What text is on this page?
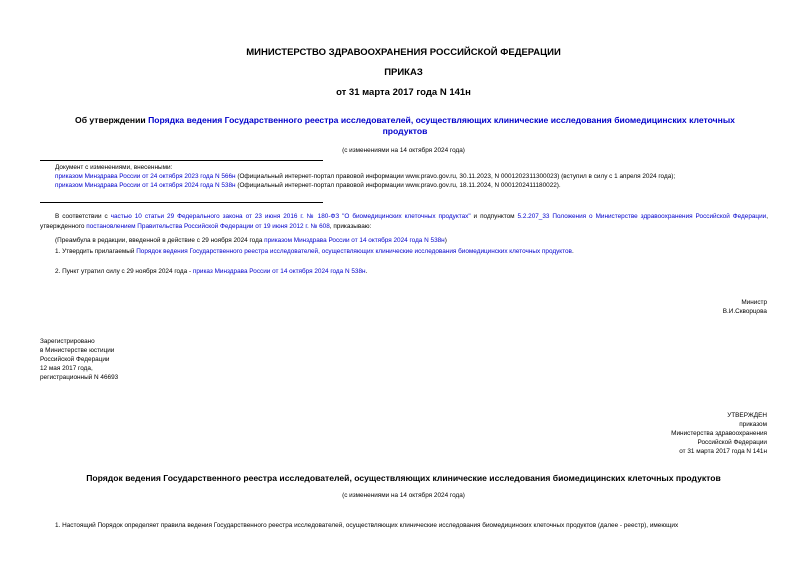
МИНИСТЕРСТВО ЗДРАВООХРАНЕНИЯ РОССИЙСКОЙ ФЕДЕРАЦИИ
ПРИКАЗ
от 31 марта 2017 года N 141н
Об утверждении Порядка ведения Государственного реестра исследователей, осуществляющих клинические исследования биомедицинских клеточных продуктов
(с изменениями на 14 октября 2024 года)
Документ с изменениями, внесенными:
приказом Минздрава России от 24 октября 2023 года N 566н (Официальный интернет-портал правовой информации www.pravo.gov.ru, 30.11.2023, N 0001202311300023) (вступил в силу с 1 апреля 2024 года);
приказом Минздрава России от 14 октября 2024 года N 538н (Официальный интернет-портал правовой информации www.pravo.gov.ru, 18.11.2024, N 0001202411180022).
В соответствии с частью 10 статьи 29 Федерального закона от 23 июня 2016 г. № 180-ФЗ "О биомедицинских клеточных продуктах" и подпунктом 5.2.207_33 Положения о Министерстве здравоохранения Российской Федерации, утвержденного постановлением Правительства Российской Федерации от 19 июня 2012 г. № 608, приказываю:
(Преамбула в редакции, введенной в действие с 29 ноября 2024 года приказом Минздрава России от 14 октября 2024 года N 538н)
1. Утвердить прилагаемый Порядок ведения Государственного реестра исследователей, осуществляющих клинические исследования биомедицинских клеточных продуктов.
2. Пункт утратил силу с 29 ноября 2024 года - приказ Минздрава России от 14 октября 2024 года N 538н.
Министр
В.И.Скворцова
Зарегистрировано
в Министерстве юстиции
Российской Федерации
12 мая 2017 года,
регистрационный N 46693
УТВЕРЖДЕН
приказом
Министерства здравоохранения
Российской Федерации
от 31 марта 2017 года N 141н
Порядок ведения Государственного реестра исследователей, осуществляющих клинические исследования биомедицинских клеточных продуктов
(с изменениями на 14 октября 2024 года)
1. Настоящий Порядок определяет правила ведения Государственного реестра исследователей, осуществляющих клинические исследования биомедицинских клеточных продуктов (далее - реестр), имеющих
